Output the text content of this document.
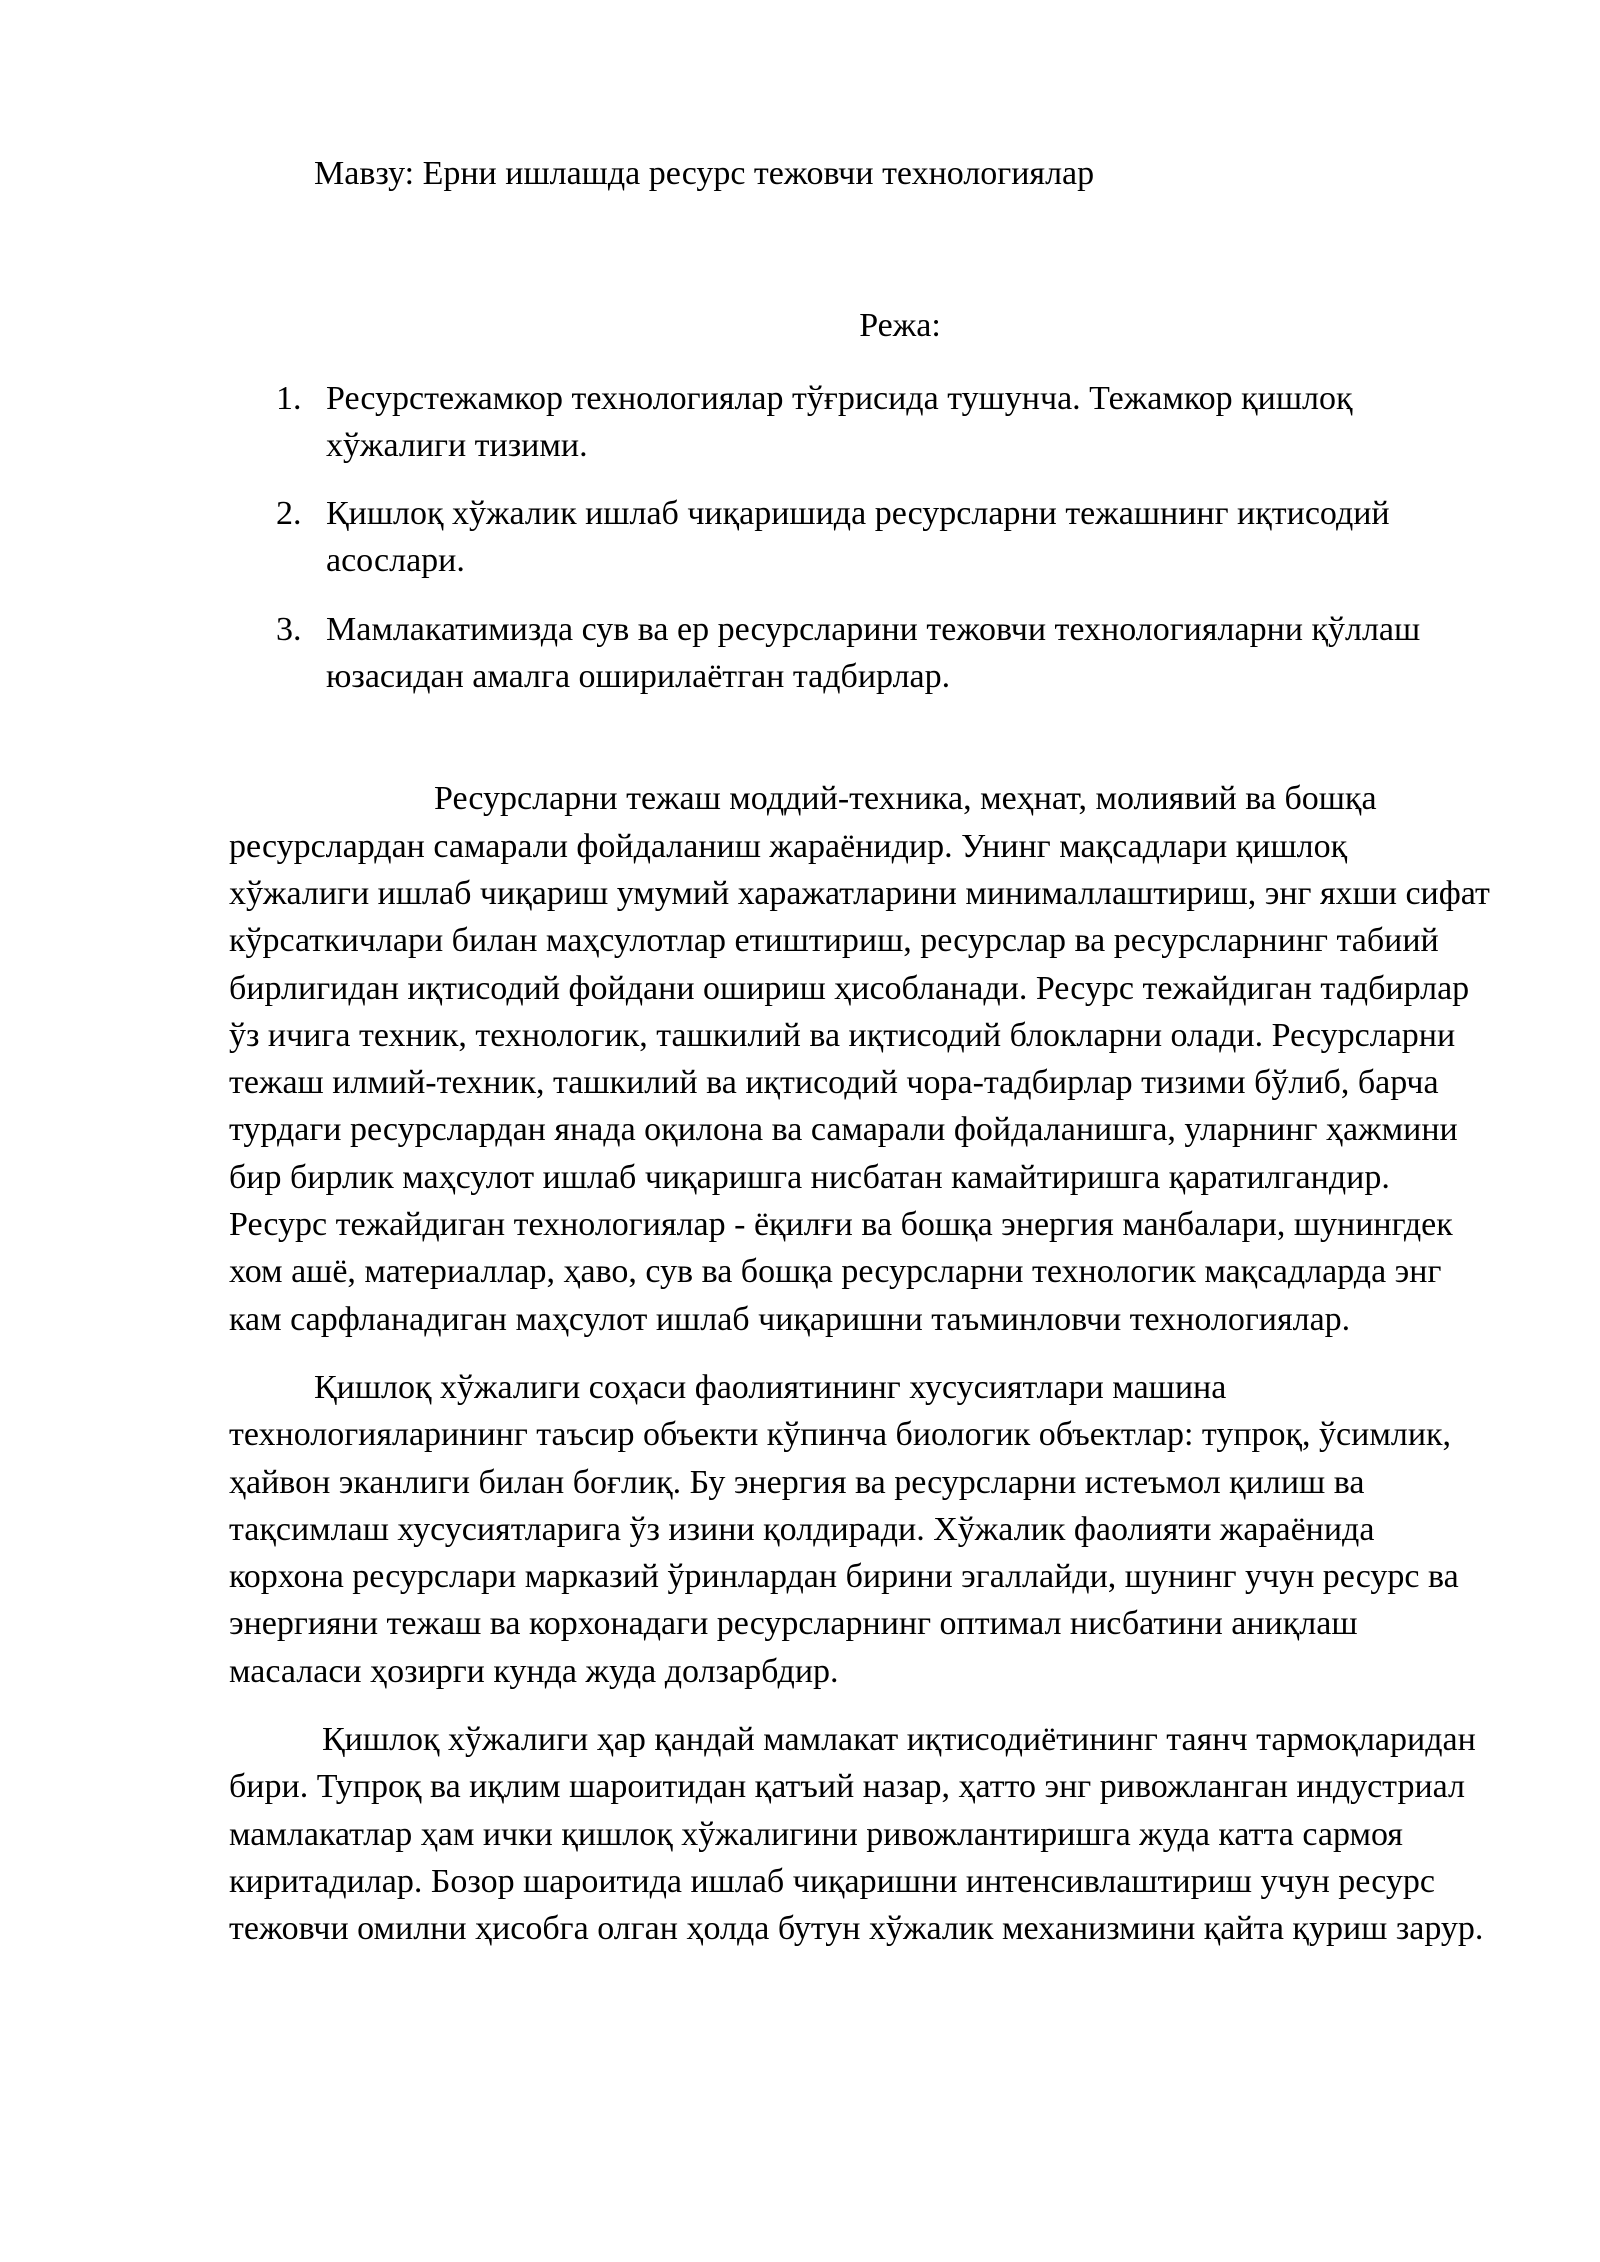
Мавзу: Ерни ишлашда ресурс тежовчи технологиялар

Режа:

1. Ресурстежамкор технологиялар тўғрисида тушунча. Тежамкор қишлоқ хўжалиги тизими.
2. Қишлоқ хўжалик ишлаб чиқаришида ресурсларни тежашнинг иқтисодий асослари.
3. Мамлакатимизда сув ва ер ресурсларини тежовчи технологияларни қўллаш юзасидан амалга оширилаётган тадбирлар.

Ресурсларни тежаш моддий-техника, меҳнат, молиявий ва бошқа ресурслардан самарали фойдаланиш жараёнидир. Унинг мақсадлари қишлоқ хўжалиги ишлаб чиқариш умумий харажатларини минималлаштириш, энг яхши сифат кўрсаткичлари билан маҳсулотлар етиштириш, ресурслар ва ресурсларнинг табиий бирлигидан иқтисодий фойдани ошириш ҳисобланади. Ресурс тежайдиган тадбирлар ўз ичига техник, технологик, ташкилий ва иқтисодий блокларни олади. Ресурсларни тежаш илмий-техник, ташкилий ва иқтисодий чора-тадбирлар тизими бўлиб, барча турдаги ресурслардан янада оқилона ва самарали фойдаланишга, уларнинг ҳажмини бир бирлик маҳсулот ишлаб чиқаришга нисбатан камайтиришга қаратилгандир. Ресурс тежайдиган технологиялар - ёқилғи ва бошқа энергия манбалари, шунингдек хом ашё, материаллар, ҳаво, сув ва бошқа ресурсларни технологик мақсадларда энг кам сарфланадиган маҳсулот ишлаб чиқаришни таъминловчи технологиялар.

Қишлоқ хўжалиги соҳаси фаолиятининг хусусиятлари машина технологияларининг таъсир объекти кўпинча биологик объектлар: тупроқ, ўсимлик, ҳайвон эканлиги билан боғлиқ. Бу энергия ва ресурсларни истеъмол қилиш ва тақсимлаш хусусиятларига ўз изини қолдиради. Хўжалик фаолияти жараёнида корхона ресурслари марказий ўринлардан бирини эгаллайди, шунинг учун ресурс ва энергияни тежаш ва корхонадаги ресурсларнинг оптимал нисбатини аниқлаш масаласи ҳозирги кунда жуда долзарбдир.

Қишлоқ хўжалиги ҳар қандай мамлакат иқтисодиётининг таянч тармоқларидан бири. Тупроқ ва иқлим шароитидан қатъий назар, ҳатто энг ривожланган индустриал мамлакатлар ҳам ички қишлоқ хўжалигини ривожлантиришга жуда катта сармоя киритадилар. Бозор шароитида ишлаб чиқаришни интенсивлаштириш учун ресурс тежовчи омилни ҳисобга олган ҳолда бутун хўжалик механизмини қайта қуриш зарур.
